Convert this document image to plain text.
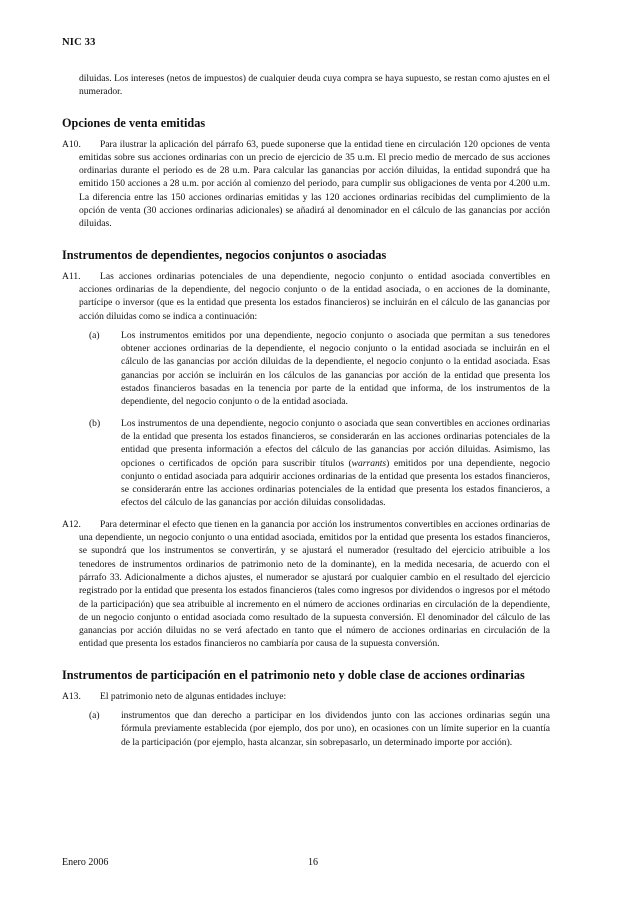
NIC 33

diluidas. Los intereses (netos de impuestos) de cualquier deuda cuya compra se haya supuesto, se restan como ajustes en el numerador.

Opciones de venta emitidas
A10.	Para ilustrar la aplicación del párrafo 63, puede suponerse que la entidad tiene en circulación 120 opciones de venta emitidas sobre sus acciones ordinarias con un precio de ejercicio de 35 u.m. El precio medio de mercado de sus acciones ordinarias durante el periodo es de 28 u.m. Para calcular las ganancias por acción diluidas, la entidad supondrá que ha emitido 150 acciones a 28 u.m. por acción al comienzo del periodo, para cumplir sus obligaciones de venta por 4.200 u.m. La diferencia entre las 150 acciones ordinarias emitidas y las 120 acciones ordinarias recibidas del cumplimiento de la opción de venta (30 acciones ordinarias adicionales) se añadirá al denominador en el cálculo de las ganancias por acción diluidas.
Instrumentos de dependientes, negocios conjuntos o asociadas
A11.	Las acciones ordinarias potenciales de una dependiente, negocio conjunto o entidad asociada convertibles en acciones ordinarias de la dependiente, del negocio conjunto o de la entidad asociada, o en acciones de la dominante, partícipe o inversor (que es la entidad que presenta los estados financieros) se incluirán en el cálculo de las ganancias por acción diluidas como se indica a continuación:
(a) Los instrumentos emitidos por una dependiente, negocio conjunto o asociada que permitan a sus tenedores obtener acciones ordinarias de la dependiente, el negocio conjunto o la entidad asociada se incluirán en el cálculo de las ganancias por acción diluidas de la dependiente, el negocio conjunto o la entidad asociada. Esas ganancias por acción se incluirán en los cálculos de las ganancias por acción de la entidad que presenta los estados financieros basadas en la tenencia por parte de la entidad que informa, de los instrumentos de la dependiente, del negocio conjunto o de la entidad asociada.
(b) Los instrumentos de una dependiente, negocio conjunto o asociada que sean convertibles en acciones ordinarias de la entidad que presenta los estados financieros, se considerarán en las acciones ordinarias potenciales de la entidad que presenta información a efectos del cálculo de las ganancias por acción diluidas. Asimismo, las opciones o certificados de opción para suscribir títulos (warrants) emitidos por una dependiente, negocio conjunto o entidad asociada para adquirir acciones ordinarias de la entidad que presenta los estados financieros, se considerarán entre las acciones ordinarias potenciales de la entidad que presenta los estados financieros, a efectos del cálculo de las ganancias por acción diluidas consolidadas.
A12.	Para determinar el efecto que tienen en la ganancia por acción los instrumentos convertibles en acciones ordinarias de una dependiente, un negocio conjunto o una entidad asociada, emitidos por la entidad que presenta los estados financieros, se supondrá que los instrumentos se convertirán, y se ajustará el numerador (resultado del ejercicio atribuible a los tenedores de instrumentos ordinarios de patrimonio neto de la dominante), en la medida necesaria, de acuerdo con el párrafo 33. Adicionalmente a dichos ajustes, el numerador se ajustará por cualquier cambio en el resultado del ejercicio registrado por la entidad que presenta los estados financieros (tales como ingresos por dividendos o ingresos por el método de la participación) que sea atribuible al incremento en el número de acciones ordinarias en circulación de la dependiente, de un negocio conjunto o entidad asociada como resultado de la supuesta conversión. El denominador del cálculo de las ganancias por acción diluidas no se verá afectado en tanto que el número de acciones ordinarias en circulación de la entidad que presenta los estados financieros no cambiaría por causa de la supuesta conversión.
Instrumentos de participación en el patrimonio neto y doble clase de acciones ordinarias
A13.	El patrimonio neto de algunas entidades incluye:
(a) instrumentos que dan derecho a participar en los dividendos junto con las acciones ordinarias según una fórmula previamente establecida (por ejemplo, dos por uno), en ocasiones con un límite superior en la cuantía de la participación (por ejemplo, hasta alcanzar, sin sobrepasarlo, un determinado importe por acción).
Enero 2006	16
